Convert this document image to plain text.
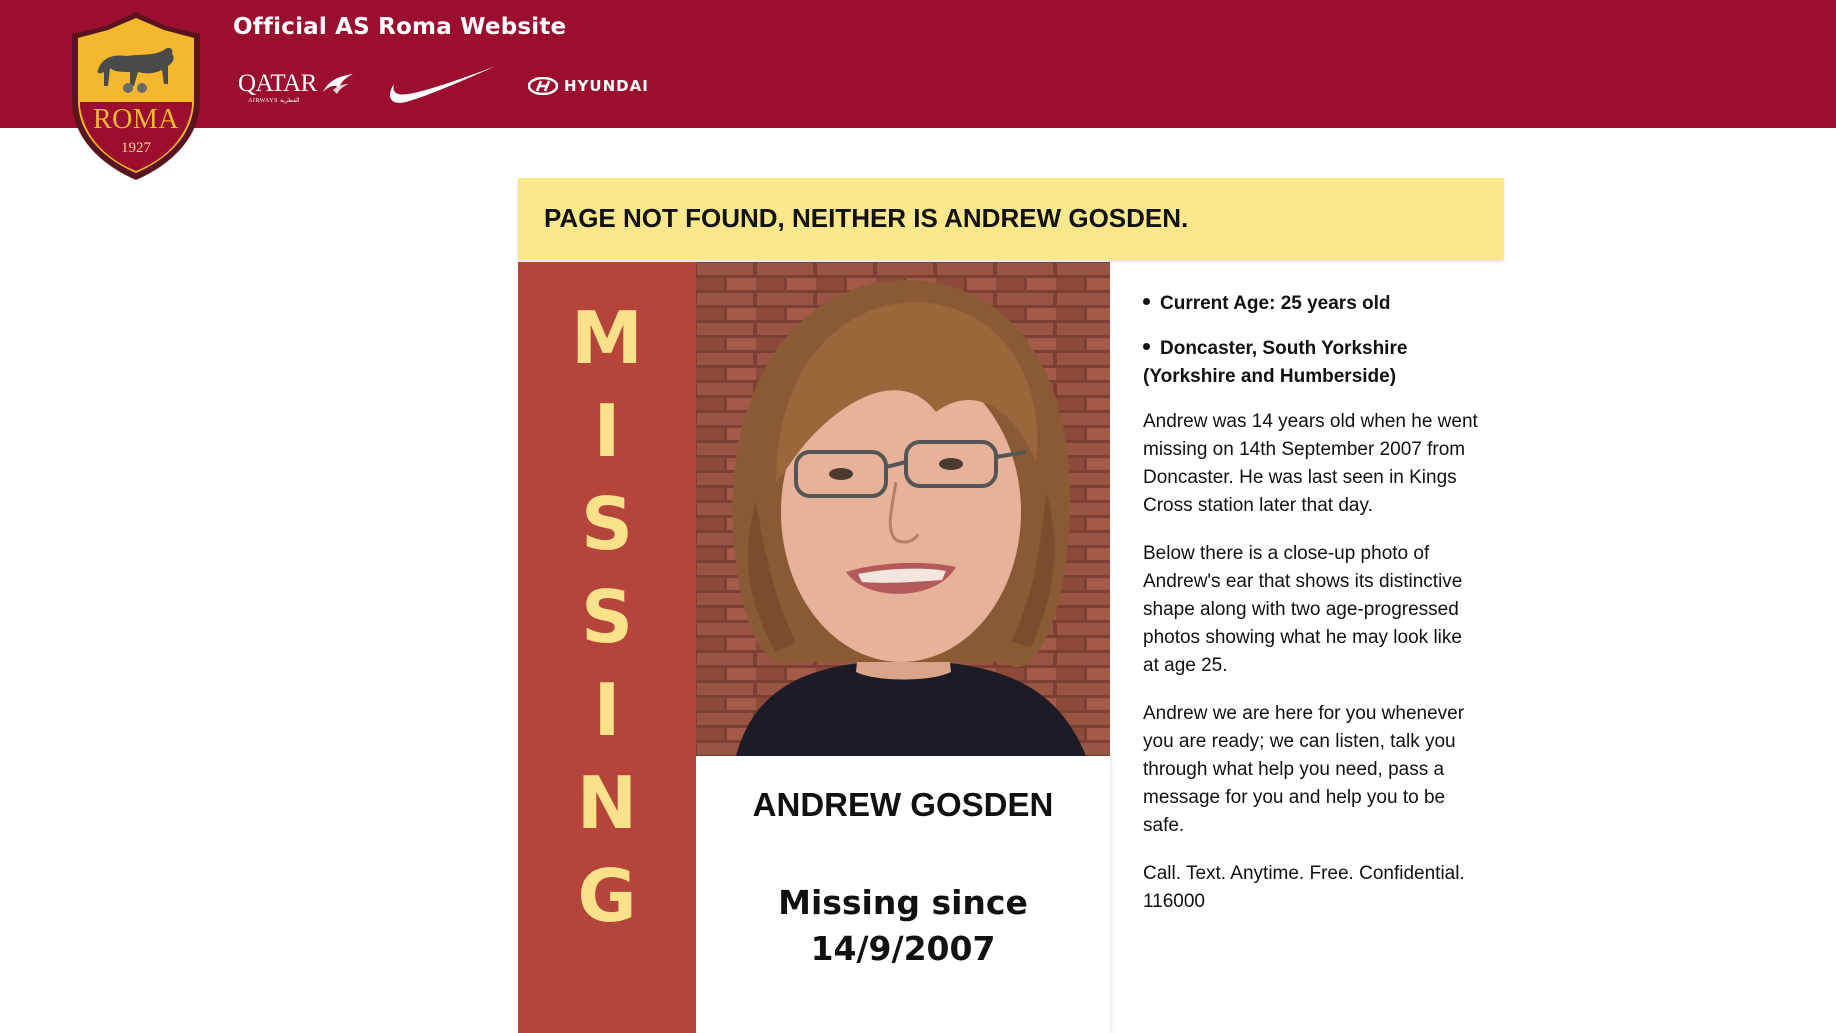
Official AS Roma Website
QATAR
AIRWAYS القطرية
HYUNDAI
ROMA
1927
PAGE NOT FOUND, NEITHER IS ANDREW GOSDEN.
M
I
S
S
I
N
G
ANDREW GOSDEN
Missing since
14/9/2007
Current Age: 25 years old
Doncaster, South Yorkshire
(Yorkshire and Humberside)

Andrew was 14 years old when he went missing on 14th September 2007 from Doncaster. He was last seen in Kings Cross station later that day.

Below there is a close-up photo of Andrew's ear that shows its distinctive shape along with two age-progressed photos showing what he may look like at age 25.

Andrew we are here for you whenever you are ready; we can listen, talk you through what help you need, pass a message for you and help you to be safe.

Call. Text. Anytime. Free. Confidential. 116000
